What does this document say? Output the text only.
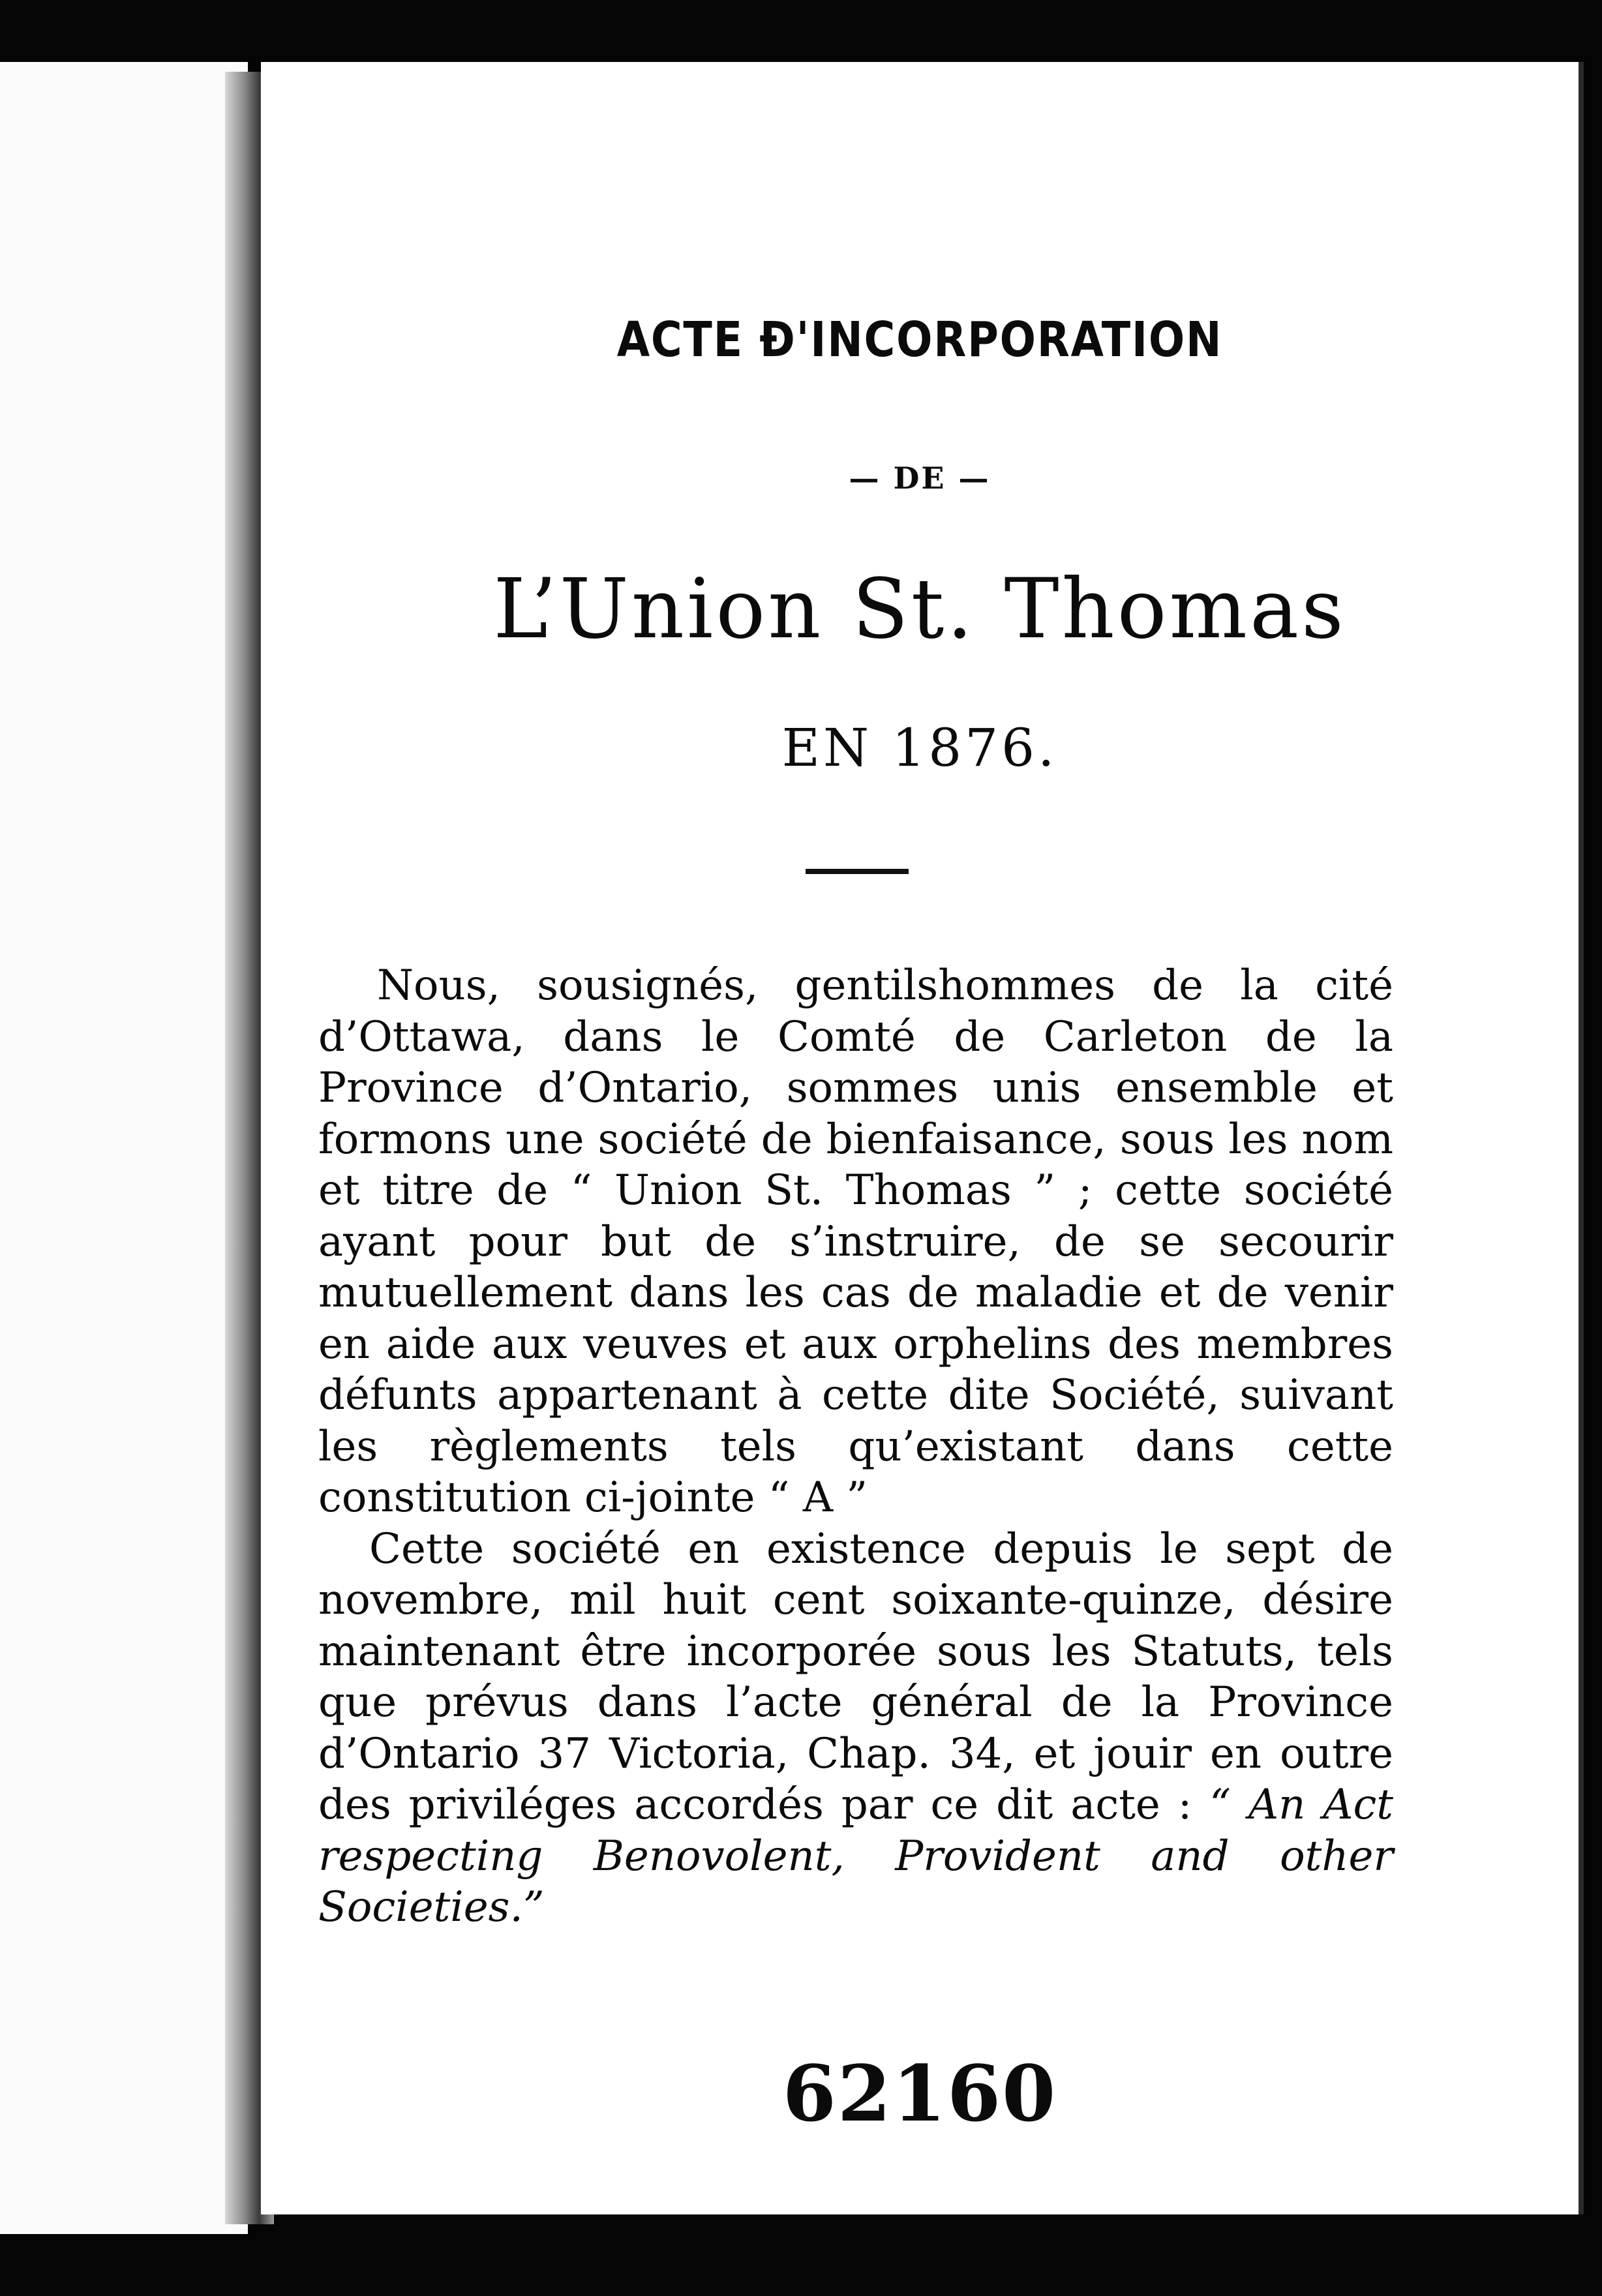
ACTE Đ'INCORPORATION
— DE —
L’Union St. Thomas
EN 1876.

Nous, sousignés, gentilshommes de la cité d’Ottawa, dans le Comté de Carleton de la Province d’Ontario, sommes unis ensemble et formons une société de bienfaisance, sous les nom et titre de “ Union St. Thomas ” ; cette société ayant pour but de s’instruire, de se secourir mutuellement dans les cas de maladie et de venir en aide aux veuves et aux orphelins des membres défunts appartenant à cette dite Société, suivant les règlements tels qu’existant dans cette constitution ci-jointe “ A ”

Cette société en existence depuis le sept de novembre, mil huit cent soixante-quinze, désire maintenant être incorporée sous les Statuts, tels que prévus dans l’acte général de la Province d’Ontario 37 Victoria, Chap. 34, et jouir en outre des priviléges accordés par ce dit acte : “ An Act respecting Benovolent, Provident and other Societies.”

62160
